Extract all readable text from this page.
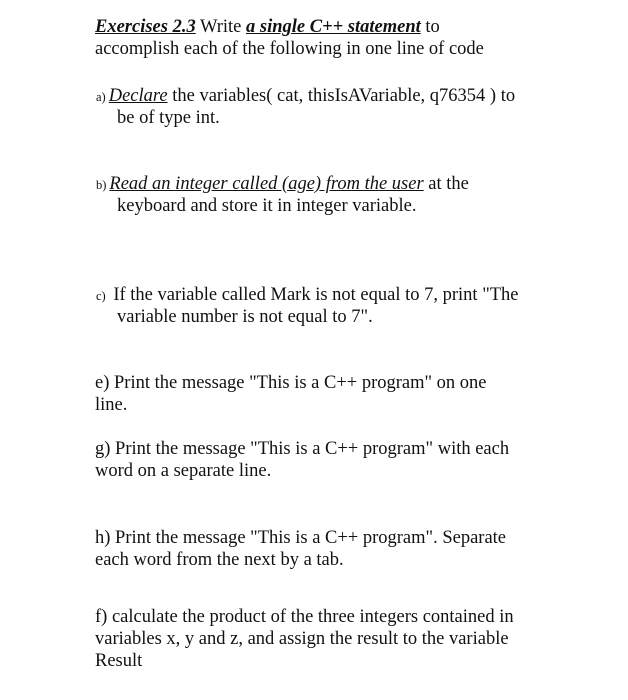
Exercises 2.3 Write a single C++ statement to
accomplish each of the following in one line of code
a) Declare the variables( cat, thisIsAVariable, q76354 ) to
be of type int.
b) Read an integer called (age) from the user at the
keyboard and store it in integer variable.
c) If the variable called Mark is not equal to 7, print "The
variable number is not equal to 7".
e) Print the message "This is a C++ program" on one
line.
g) Print the message "This is a C++ program" with each
word on a separate line.
h) Print the message "This is a C++ program". Separate
each word from the next by a tab.
f) calculate the product of the three integers contained in
variables x, y and z, and assign the result to the variable
Result
